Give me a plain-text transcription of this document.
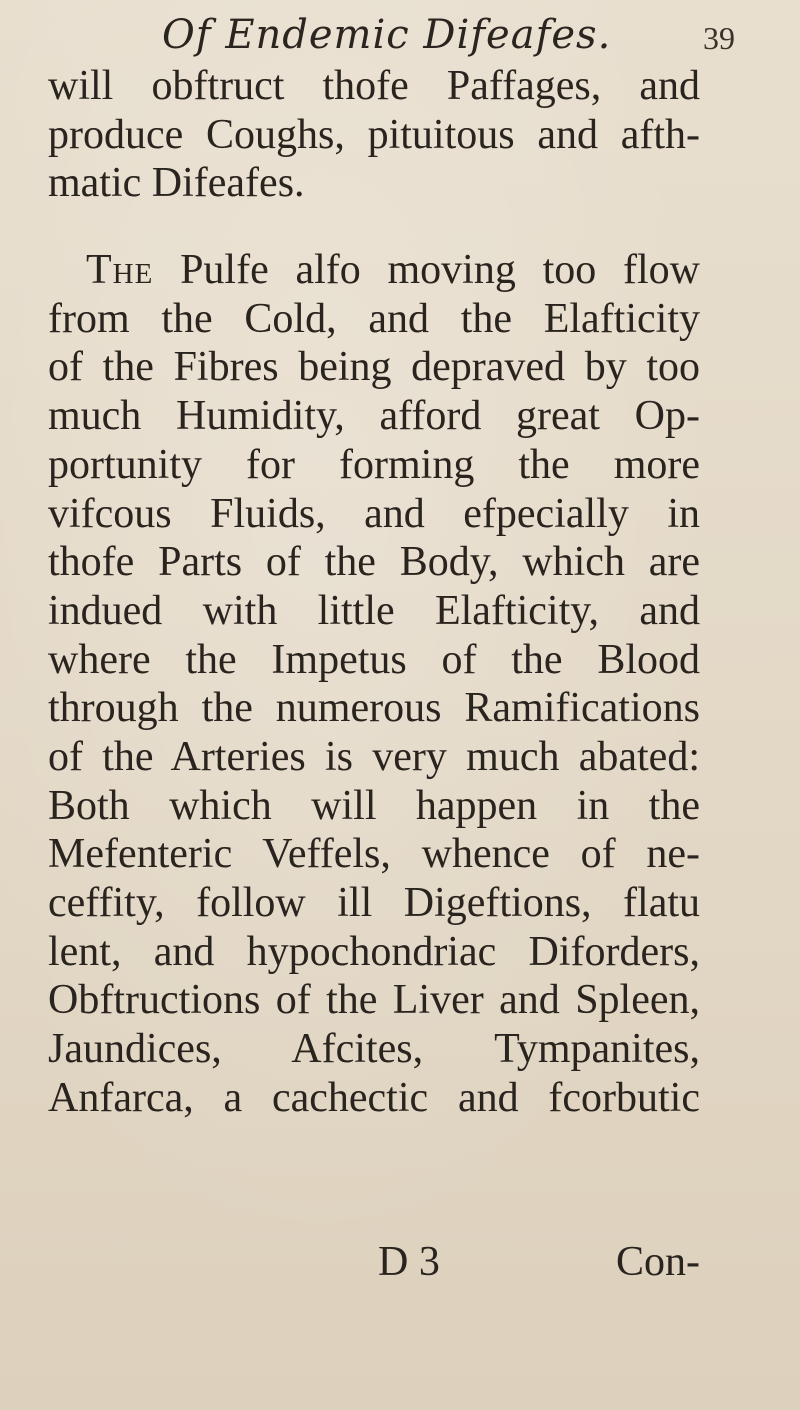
Of Endemic Difeafes.	39
will obftruct thofe Paffages, and
produce Coughs, pituitous and afth-
matic Difeafes.
The Pulfe alfo moving too flow
from the Cold, and the Elafticity
of the Fibres being depraved by too
much Humidity, afford great Op-
portunity for forming the more
vifcous Fluids, and efpecially in
thofe Parts of the Body, which are
indued with little Elafticity, and
where the Impetus of the Blood
through the numerous Ramifications
of the Arteries is very much abated:
Both which will happen in the
Mefenteric Veffels, whence of ne-
ceffity, follow ill Digeftions, flatu
lent, and hypochondriac Diforders,
Obftructions of the Liver and Spleen,
Jaundices, Afcites, Tympanites,
Anfarca, a cachectic and fcorbutic
D 3	Con-
